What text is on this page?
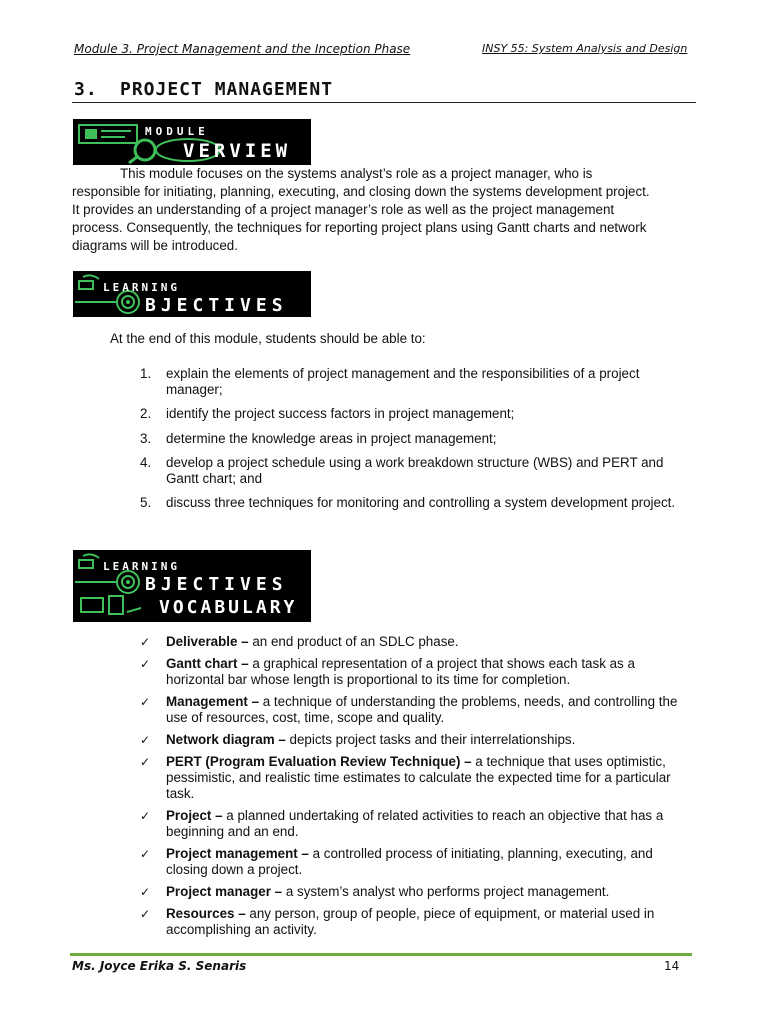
Module 3. Project Management and the Inception Phase	INSY 55: System Analysis and Design
3. PROJECT MANAGEMENT
MODULE
VERVIEW
This module focuses on the systems analyst’s role as a project manager, who is
responsible for initiating, planning, executing, and closing down the systems development project.
It provides an understanding of a project manager’s role as well as the project management
process. Consequently, the techniques for reporting project plans using Gantt charts and network
diagrams will be introduced.
LEARNING
BJECTIVES
At the end of this module, students should be able to:
1. explain the elements of project management and the responsibilities of a project manager;
2. identify the project success factors in project management;
3. determine the knowledge areas in project management;
4. develop a project schedule using a work breakdown structure (WBS) and PERT and Gantt chart; and
5. discuss three techniques for monitoring and controlling a system development project.
LEARNING
BJECTIVES
VOCABULARY
✓ Deliverable – an end product of an SDLC phase.
✓ Gantt chart – a graphical representation of a project that shows each task as a horizontal bar whose length is proportional to its time for completion.
✓ Management – a technique of understanding the problems, needs, and controlling the use of resources, cost, time, scope and quality.
✓ Network diagram – depicts project tasks and their interrelationships.
✓ PERT (Program Evaluation Review Technique) – a technique that uses optimistic, pessimistic, and realistic time estimates to calculate the expected time for a particular task.
✓ Project – a planned undertaking of related activities to reach an objective that has a beginning and an end.
✓ Project management – a controlled process of initiating, planning, executing, and closing down a project.
✓ Project manager – a system’s analyst who performs project management.
✓ Resources – any person, group of people, piece of equipment, or material used in accomplishing an activity.
Ms. Joyce Erika S. Senaris	14
